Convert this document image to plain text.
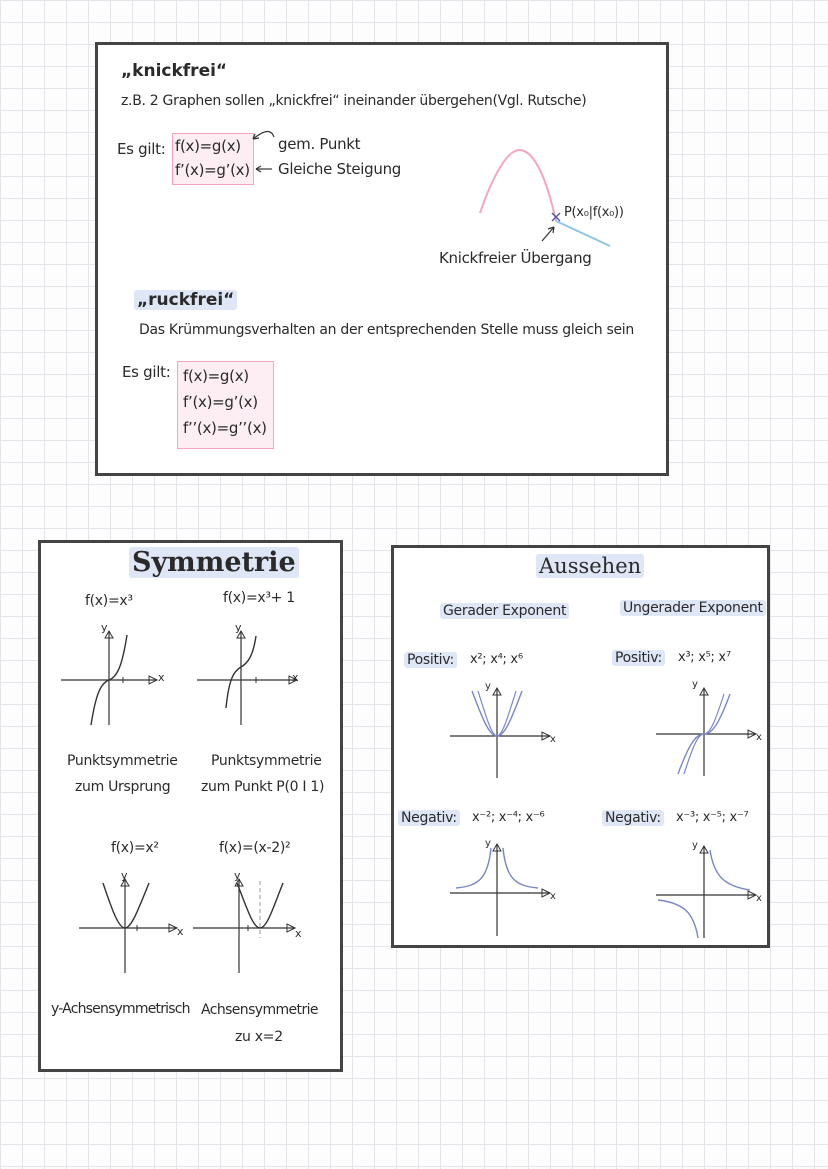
„knickfrei“
z.B. 2 Graphen sollen „knickfrei“ ineinander übergehen(Vgl. Rutsche)
Es gilt: f(x)=g(x)
f’(x)=g’(x)
gem. Punkt
Gleiche Steigung
P(x₀|f(x₀))
Knickfreier Übergang
„ruckfrei“
Das Krümmungsverhalten an der entsprechenden Stelle muss gleich sein
Es gilt: f(x)=g(x)
f’(x)=g’(x)
f’’(x)=g’’(x)
Symmetrie
f(x)=x³	f(x)=x³+ 1
x
y
x
y
Punktsymmetrie
zum Ursprung
Punktsymmetrie
zum Punkt P(0 I 1)
f(x)=x²	f(x)=(x-2)²
x
y
x
y
y-Achsensymmetrisch Achsensymmetrie
zu x=2
Aussehen
Gerader Exponent	Ungerader Exponent
Positiv: x²; x⁴; x⁶	Positiv: x³; x⁵; x⁷
x
y
x
y
Negativ: x⁻²; x⁻⁴; x⁻⁶	Negativ: x⁻³; x⁻⁵; x⁻⁷
x
y
x
y
